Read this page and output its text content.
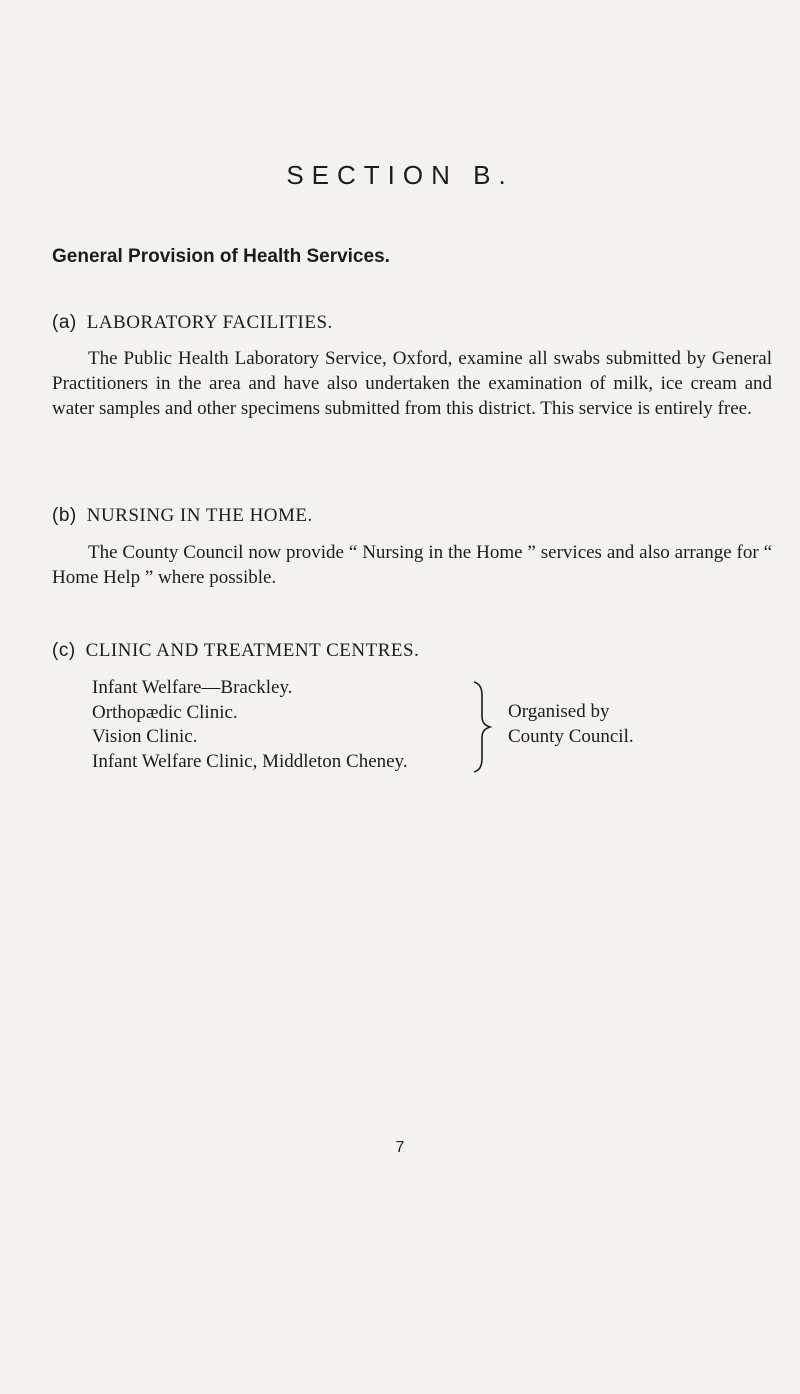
SECTION B.
General Provision of Health Services.
(a) LABORATORY FACILITIES.

The Public Health Laboratory Service, Oxford, examine all swabs submitted by General Practitioners in the area and have also undertaken the examination of milk, ice cream and water samples and other specimens submitted from this district. This service is entirely free.

(b) NURSING IN THE HOME.

The County Council now provide “ Nursing in the Home ” services and also arrange for “ Home Help ” where possible.

(c) CLINIC AND TREATMENT CENTRES.
Infant Welfare—Brackley.
Orthopædic Clinic.
Vision Clinic.
Infant Welfare Clinic, Middleton Cheney.
Organised by
County Council.
7
